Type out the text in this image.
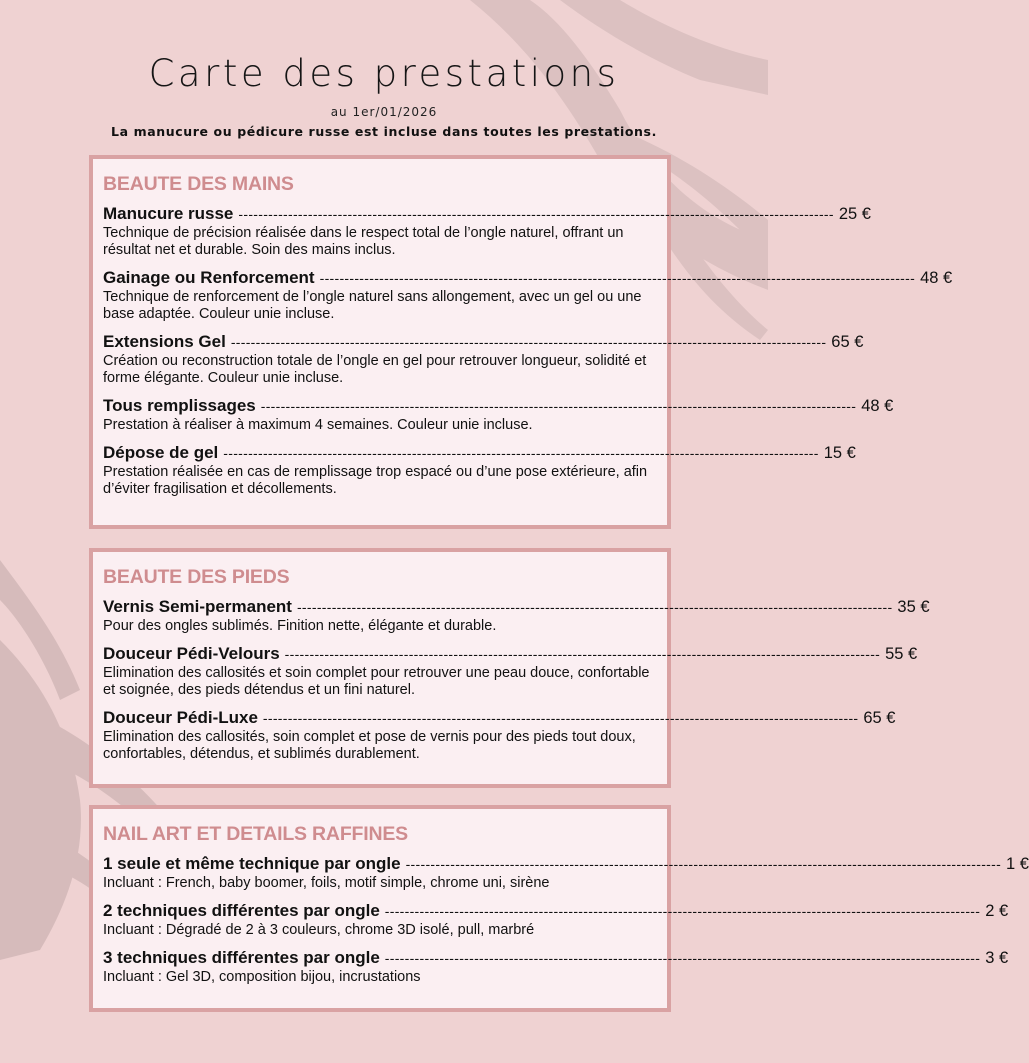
Carte des prestations
au 1er/01/2026
La manucure ou pédicure russe est incluse dans toutes les prestations.
BEAUTE DES MAINS
Manucure russe ------------------------------------------------------------------------------------------------------------------------ 25 €
Technique de précision réalisée dans le respect total de l’ongle naturel, offrant un résultat net et durable. Soin des mains inclus.
Gainage ou Renforcement ------------------------------------------------------------------------------------------------------------------------ 48 €
Technique de renforcement de l’ongle naturel sans allongement, avec un gel ou une base adaptée. Couleur unie incluse.
Extensions Gel ------------------------------------------------------------------------------------------------------------------------ 65 €
Création ou reconstruction totale de l’ongle en gel pour retrouver longueur, solidité et forme élégante. Couleur unie incluse.
Tous remplissages ------------------------------------------------------------------------------------------------------------------------ 48 €
Prestation à réaliser à maximum 4 semaines. Couleur unie incluse.
Dépose de gel ------------------------------------------------------------------------------------------------------------------------ 15 €
Prestation réalisée en cas de remplissage trop espacé ou d’une pose extérieure, afin d’éviter fragilisation et décollements.
BEAUTE DES PIEDS
Vernis Semi-permanent ------------------------------------------------------------------------------------------------------------------------ 35 €
Pour des ongles sublimés. Finition nette, élégante et durable.
Douceur Pédi-Velours ------------------------------------------------------------------------------------------------------------------------ 55 €
Elimination des callosités et soin complet pour retrouver une peau douce, confortable et soignée, des pieds détendus et un fini naturel.
Douceur Pédi-Luxe ------------------------------------------------------------------------------------------------------------------------ 65 €
Elimination des callosités, soin complet et pose de vernis pour des pieds tout doux, confortables, détendus, et sublimés durablement.
NAIL ART ET DETAILS RAFFINES
1 seule et même technique par ongle ------------------------------------------------------------------------------------------------------------------------ 1 €
Incluant : French, baby boomer, foils, motif simple, chrome uni, sirène
2 techniques différentes par ongle ------------------------------------------------------------------------------------------------------------------------ 2 €
Incluant : Dégradé de 2 à 3 couleurs, chrome 3D isolé, pull, marbré
3 techniques différentes par ongle ------------------------------------------------------------------------------------------------------------------------ 3 €
Incluant : Gel 3D, composition bijou, incrustations
